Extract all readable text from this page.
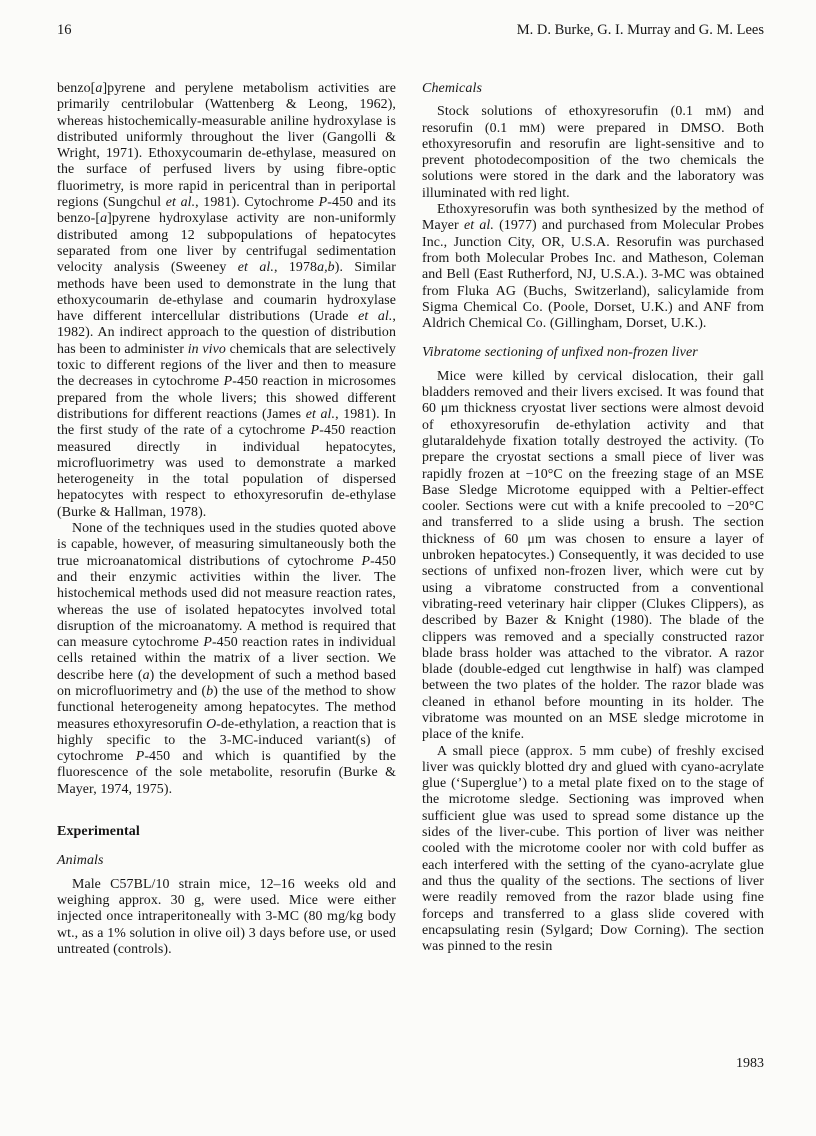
16	M. D. Burke, G. I. Murray and G. M. Lees

benzo[a]pyrene and perylene metabolism activities are primarily centrilobular (Wattenberg & Leong, 1962), whereas histochemically-measurable aniline hydroxylase is distributed uniformly throughout the liver (Gangolli & Wright, 1971). Ethoxycoumarin de-ethylase, measured on the surface of perfused livers by using fibre-optic fluorimetry, is more rapid in pericentral than in periportal regions (Sungchul et al., 1981). Cytochrome P-450 and its benzo-[a]pyrene hydroxylase activity are non-uniformly distributed among 12 subpopulations of hepatocytes separated from one liver by centrifugal sedimentation velocity analysis (Sweeney et al., 1978a,b). Similar methods have been used to demonstrate in the lung that ethoxycoumarin de-ethylase and coumarin hydroxylase have different intercellular distributions (Urade et al., 1982). An indirect approach to the question of distribution has been to administer in vivo chemicals that are selectively toxic to different regions of the liver and then to measure the decreases in cytochrome P-450 reaction in microsomes prepared from the whole livers; this showed different distributions for different reactions (James et al., 1981). In the first study of the rate of a cytochrome P-450 reaction measured directly in individual hepatocytes, microfluorimetry was used to demonstrate a marked heterogeneity in the total population of dispersed hepatocytes with respect to ethoxyresorufin de-ethylase (Burke & Hallman, 1978).

None of the techniques used in the studies quoted above is capable, however, of measuring simultaneously both the true microanatomical distributions of cytochrome P-450 and their enzymic activities within the liver. The histochemical methods used did not measure reaction rates, whereas the use of isolated hepatocytes involved total disruption of the microanatomy. A method is required that can measure cytochrome P-450 reaction rates in individual cells retained within the matrix of a liver section. We describe here (a) the development of such a method based on microfluorimetry and (b) the use of the method to show functional heterogeneity among hepatocytes. The method measures ethoxyresorufin O-de-ethylation, a reaction that is highly specific to the 3-MC-induced variant(s) of cytochrome P-450 and which is quantified by the fluorescence of the sole metabolite, resorufin (Burke & Mayer, 1974, 1975).

Experimental
Animals

Male C57BL/10 strain mice, 12–16 weeks old and weighing approx. 30 g, were used. Mice were either injected once intraperitoneally with 3-MC (80 mg/kg body wt., as a 1% solution in olive oil) 3 days before use, or used untreated (controls).

Chemicals

Stock solutions of ethoxyresorufin (0.1 mM) and resorufin (0.1 mM) were prepared in DMSO. Both ethoxyresorufin and resorufin are light-sensitive and to prevent photodecomposition of the two chemicals the solutions were stored in the dark and the laboratory was illuminated with red light.

Ethoxyresorufin was both synthesized by the method of Mayer et al. (1977) and purchased from Molecular Probes Inc., Junction City, OR, U.S.A. Resorufin was purchased from both Molecular Probes Inc. and Matheson, Coleman and Bell (East Rutherford, NJ, U.S.A.). 3-MC was obtained from Fluka AG (Buchs, Switzerland), salicylamide from Sigma Chemical Co. (Poole, Dorset, U.K.) and ANF from Aldrich Chemical Co. (Gillingham, Dorset, U.K.).

Vibratome sectioning of unfixed non-frozen liver

Mice were killed by cervical dislocation, their gall bladders removed and their livers excised. It was found that 60 μm thickness cryostat liver sections were almost devoid of ethoxyresorufin de-ethylation activity and that glutaraldehyde fixation totally destroyed the activity. (To prepare the cryostat sections a small piece of liver was rapidly frozen at −10°C on the freezing stage of an MSE Base Sledge Microtome equipped with a Peltier-effect cooler. Sections were cut with a knife precooled to −20°C and transferred to a slide using a brush. The section thickness of 60 μm was chosen to ensure a layer of unbroken hepatocytes.) Consequently, it was decided to use sections of unfixed non-frozen liver, which were cut by using a vibratome constructed from a conventional vibrating-reed veterinary hair clipper (Clukes Clippers), as described by Bazer & Knight (1980). The blade of the clippers was removed and a specially constructed razor blade brass holder was attached to the vibrator. A razor blade (double-edged cut lengthwise in half) was clamped between the two plates of the holder. The razor blade was cleaned in ethanol before mounting in its holder. The vibratome was mounted on an MSE sledge microtome in place of the knife.

A small piece (approx. 5 mm cube) of freshly excised liver was quickly blotted dry and glued with cyano-acrylate glue (‘Superglue’) to a metal plate fixed on to the stage of the microtome sledge. Sectioning was improved when sufficient glue was used to spread some distance up the sides of the liver-cube. This portion of liver was neither cooled with the microtome cooler nor with cold buffer as each interfered with the setting of the cyano-acrylate glue and thus the quality of the sections. The sections of liver were readily removed from the razor blade using fine forceps and transferred to a glass slide covered with encapsulating resin (Sylgard; Dow Corning). The section was pinned to the resin

1983
